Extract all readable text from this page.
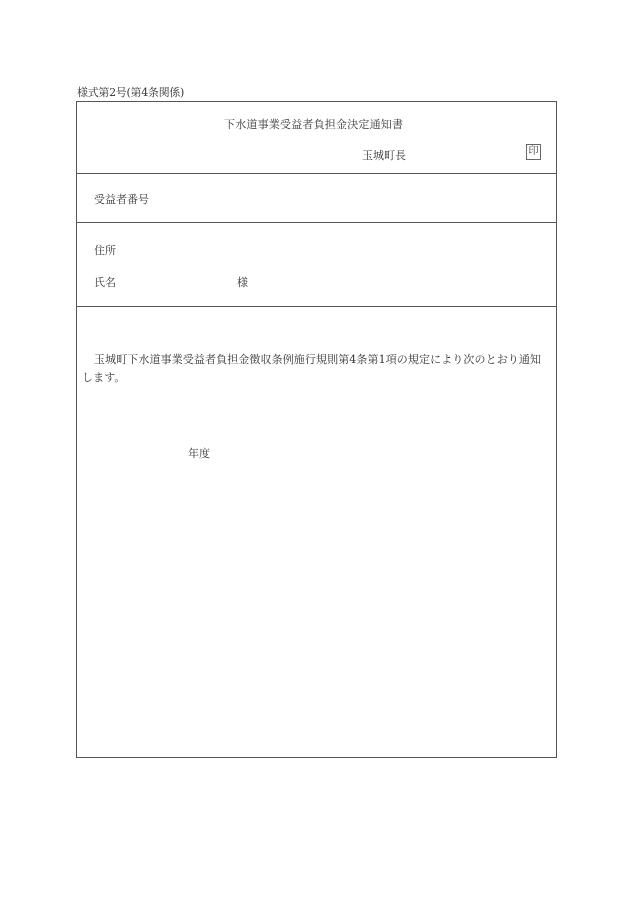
様式第2号(第4条関係)
下水道事業受益者負担金決定通知書
玉城町長	印
受益者番号
住所
氏名	様
玉城町下水道事業受益者負担金徴収条例施行規則第4条第1項の規定により次のとおり通知します。
年度
